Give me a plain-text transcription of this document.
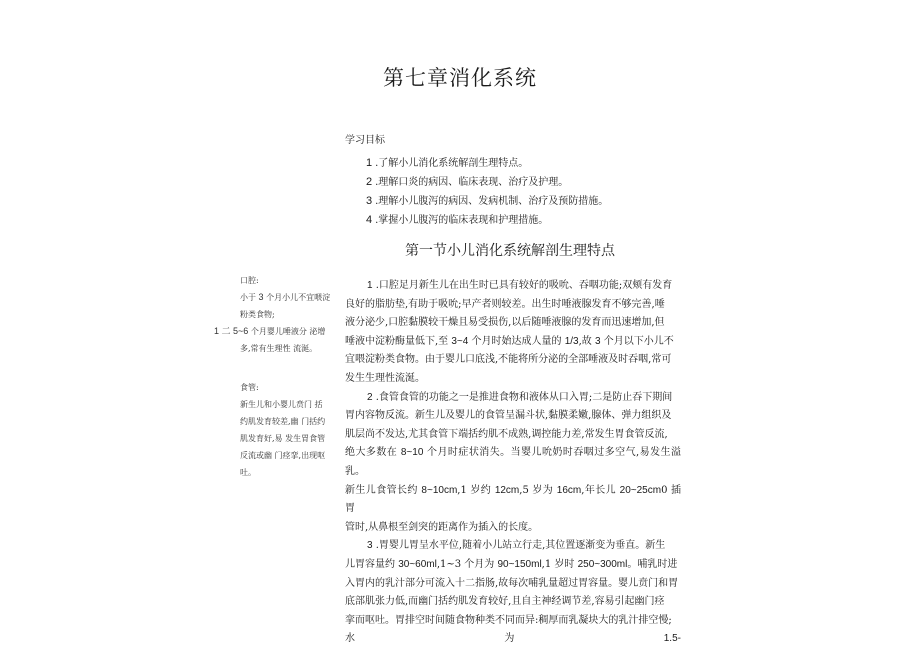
第七章消化系统
学习目标
1 .了解小儿消化系统解剖生理特点。
2 .理解口炎的病因、临床表现、治疗及护理。
3 .理解小儿腹泻的病因、发病机制、治疗及预防措施。
4 .掌握小儿腹泻的临床表现和护理措施。
第一节小儿消化系统解剖生理特点
口腔:
小于 3 个月小儿不宜喂淀
粉类食物;
1 二 5~6 个月婴儿唾液分 泌增
多,常有生理性 流涎。
食管:
新生儿和小婴儿贲门 括
约肌发育较差,幽 门括约
肌发育好,易 发生胃食管
反流或幽 门痉挛,出现呕
吐。

1 .口腔足月新生儿在出生时已具有较好的吸吮、吞咽功能;双颊有发育

良好的脂肪垫,有助于吸吮;早产者则较差。出生时唾液腺发育不够完善,唾

液分泌少,口腔黏膜较干燥且易受损伤,以后随唾液腺的发育而迅速增加,但

唾液中淀粉酶量低下,至 3~4 个月时始达成人量的 1/3,故 3 个月以下小儿不

宜喂淀粉类食物。由于婴儿口底浅,不能将所分泌的全部唾液及时吞咽,常可

发生生理性流涎。

2 .食管食管的功能之一是推进食物和液体从口入胃;二是防止吞下期间

胃内容物反流。新生儿及婴儿的食管呈漏斗状,黏膜柔嫩,腺体、弹力组织及

肌层尚不发达,尤其食管下端括约肌不成熟,调控能力差,常发生胃食管反流,

绝大多数在 8~10 个月时症状消失。当婴儿吮奶时吞咽过多空气,易发生溢乳。

新生儿食管长约 8~10cm,1 岁约 12cm,5 岁为 16cm,年长儿 20~25cm0 插胃

管时,从鼻根至剑突的距离作为插入的长度。

3 .胃婴儿胃呈水平位,随着小儿站立行走,其位置逐渐变为垂直。新生

儿胃容量约 30~60ml,1~3 个月为 90~150ml,1 岁时 250~300ml。哺乳时进

入胃内的乳汁部分可流入十二指肠,故每次哺乳量超过胃容量。婴儿贲门和胃

底部肌张力低,而幽门括约肌发育较好,且自主神经调节差,容易引起幽门痉

挛而呕吐。胃排空时间随食物种类不同而异:稠厚而乳凝块大的乳汁排空慢;

水	为	1.5-
